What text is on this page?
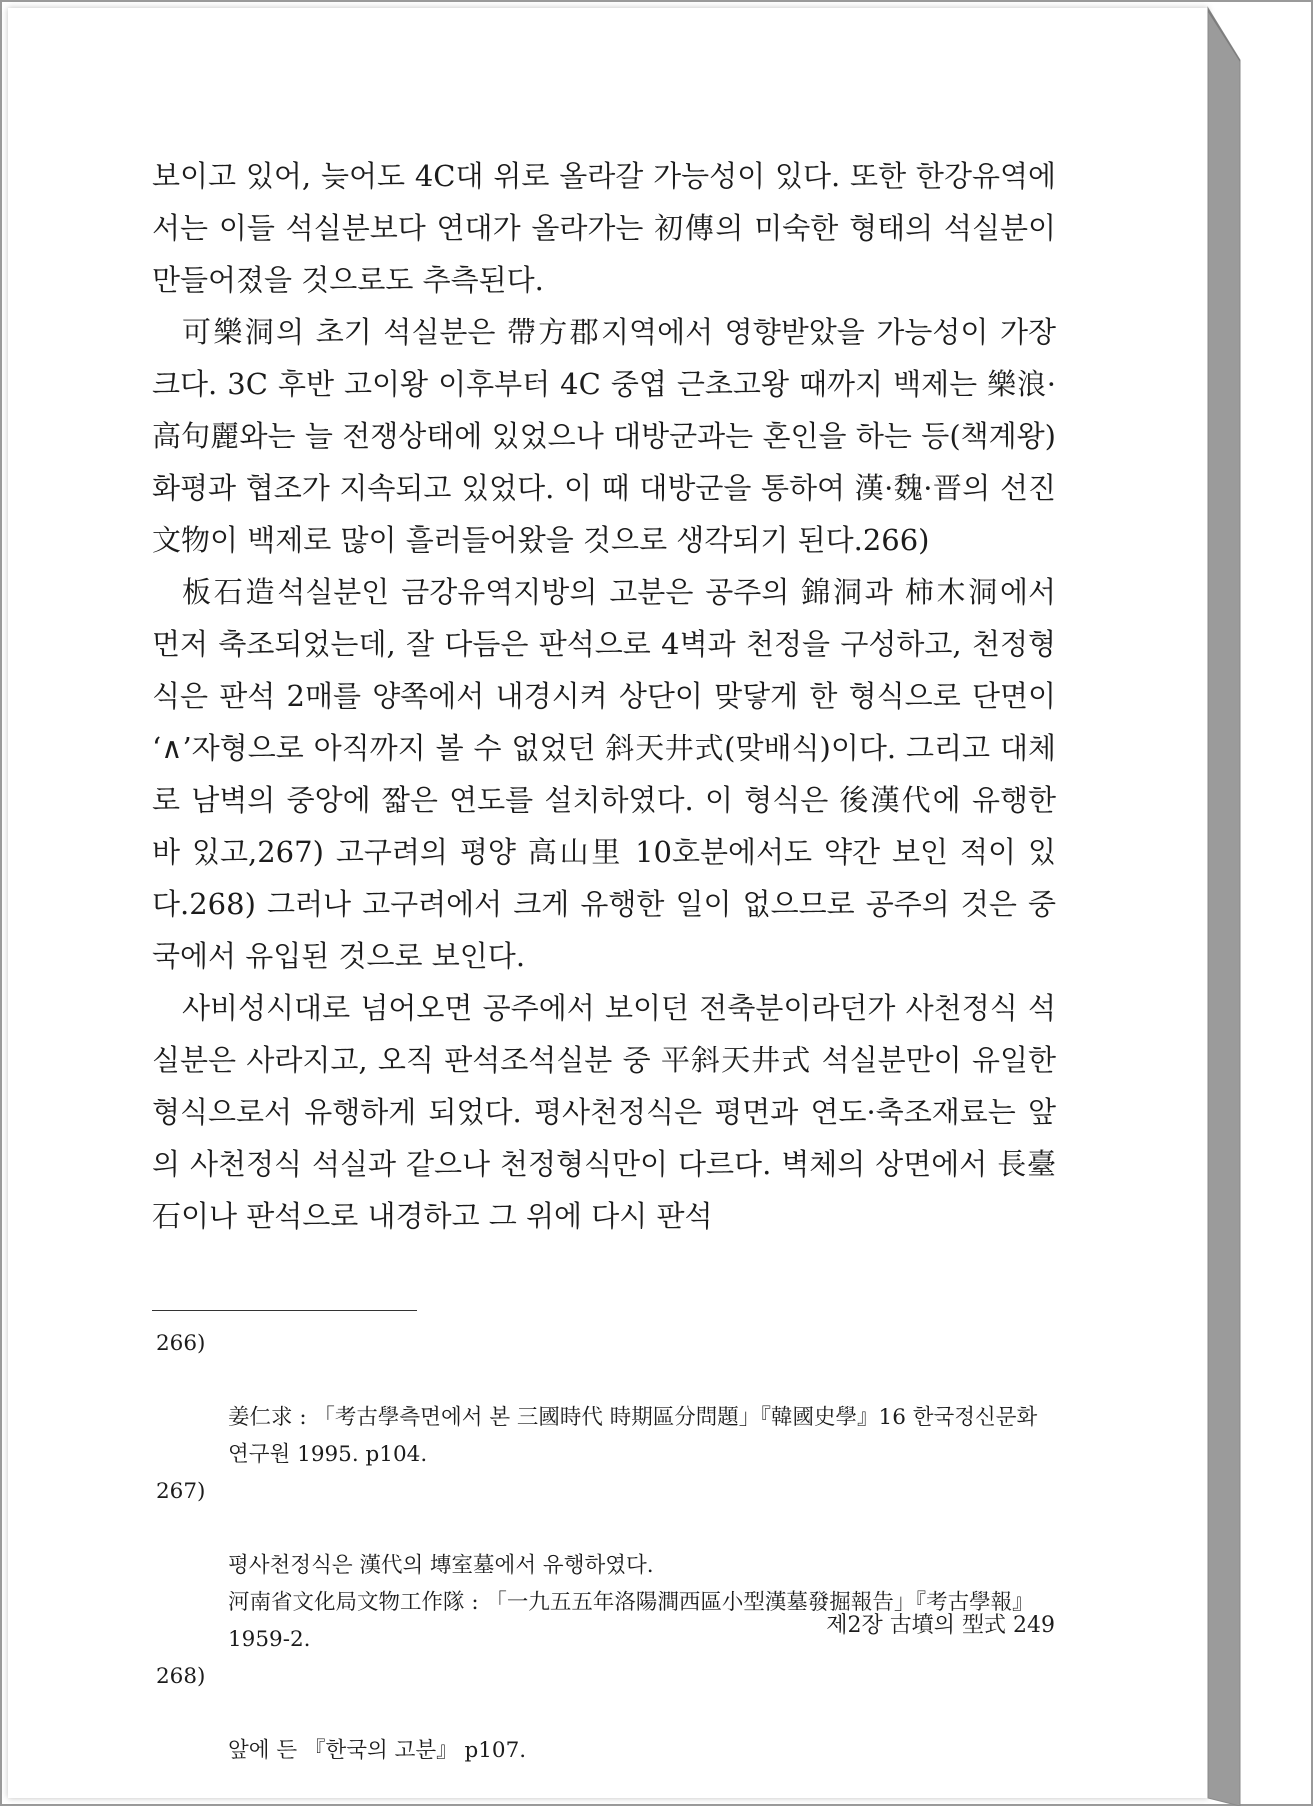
보이고 있어, 늦어도 4C대 위로 올라갈 가능성이 있다. 또한 한강유역에서는 이들 석실분보다 연대가 올라가는 初傳의 미숙한 형태의 석실분이 만들어졌을 것으로도 추측된다.

可樂洞의 초기 석실분은 帶方郡지역에서 영향받았을 가능성이 가장 크다. 3C 후반 고이왕 이후부터 4C 중엽 근초고왕 때까지 백제는 樂浪·高句麗와는 늘 전쟁상태에 있었으나 대방군과는 혼인을 하는 등(책계왕) 화평과 협조가 지속되고 있었다. 이 때 대방군을 통하여 漢·魏·晋의 선진文物이 백제로 많이 흘러들어왔을 것으로 생각되기 된다.266)

板石造석실분인 금강유역지방의 고분은 공주의 錦洞과 柿木洞에서 먼저 축조되었는데, 잘 다듬은 판석으로 4벽과 천정을 구성하고, 천정형식은 판석 2매를 양쪽에서 내경시켜 상단이 맞닿게 한 형식으로 단면이 ‘∧’자형으로 아직까지 볼 수 없었던 斜天井式(맞배식)이다. 그리고 대체로 남벽의 중앙에 짧은 연도를 설치하였다. 이 형식은 後漢代에 유행한 바 있고,267) 고구려의 평양 高山里 10호분에서도 약간 보인 적이 있다.268) 그러나 고구려에서 크게 유행한 일이 없으므로 공주의 것은 중국에서 유입된 것으로 보인다.

사비성시대로 넘어오면 공주에서 보이던 전축분이라던가 사천정식 석실분은 사라지고, 오직 판석조석실분 중 平斜天井式 석실분만이 유일한 형식으로서 유행하게 되었다. 평사천정식은 평면과 연도·축조재료는 앞의 사천정식 석실과 같으나 천정형식만이 다르다. 벽체의 상면에서 長臺石이나 판석으로 내경하고 그 위에 다시 판석

266)

姜仁求 : 「考古學측면에서 본 三國時代 時期區分問題」『韓國史學』16 한국정신문화연구원 1995. p104.

267)

평사천정식은 漢代의 塼室墓에서 유행하였다.
河南省文化局文物工作隊 : 「一九五五年洛陽澗西區小型漢墓發掘報告」『考古學報』1959-2.

268)

앞에 든 『한국의 고분』 p107.

제2장 古墳의 型式 249
